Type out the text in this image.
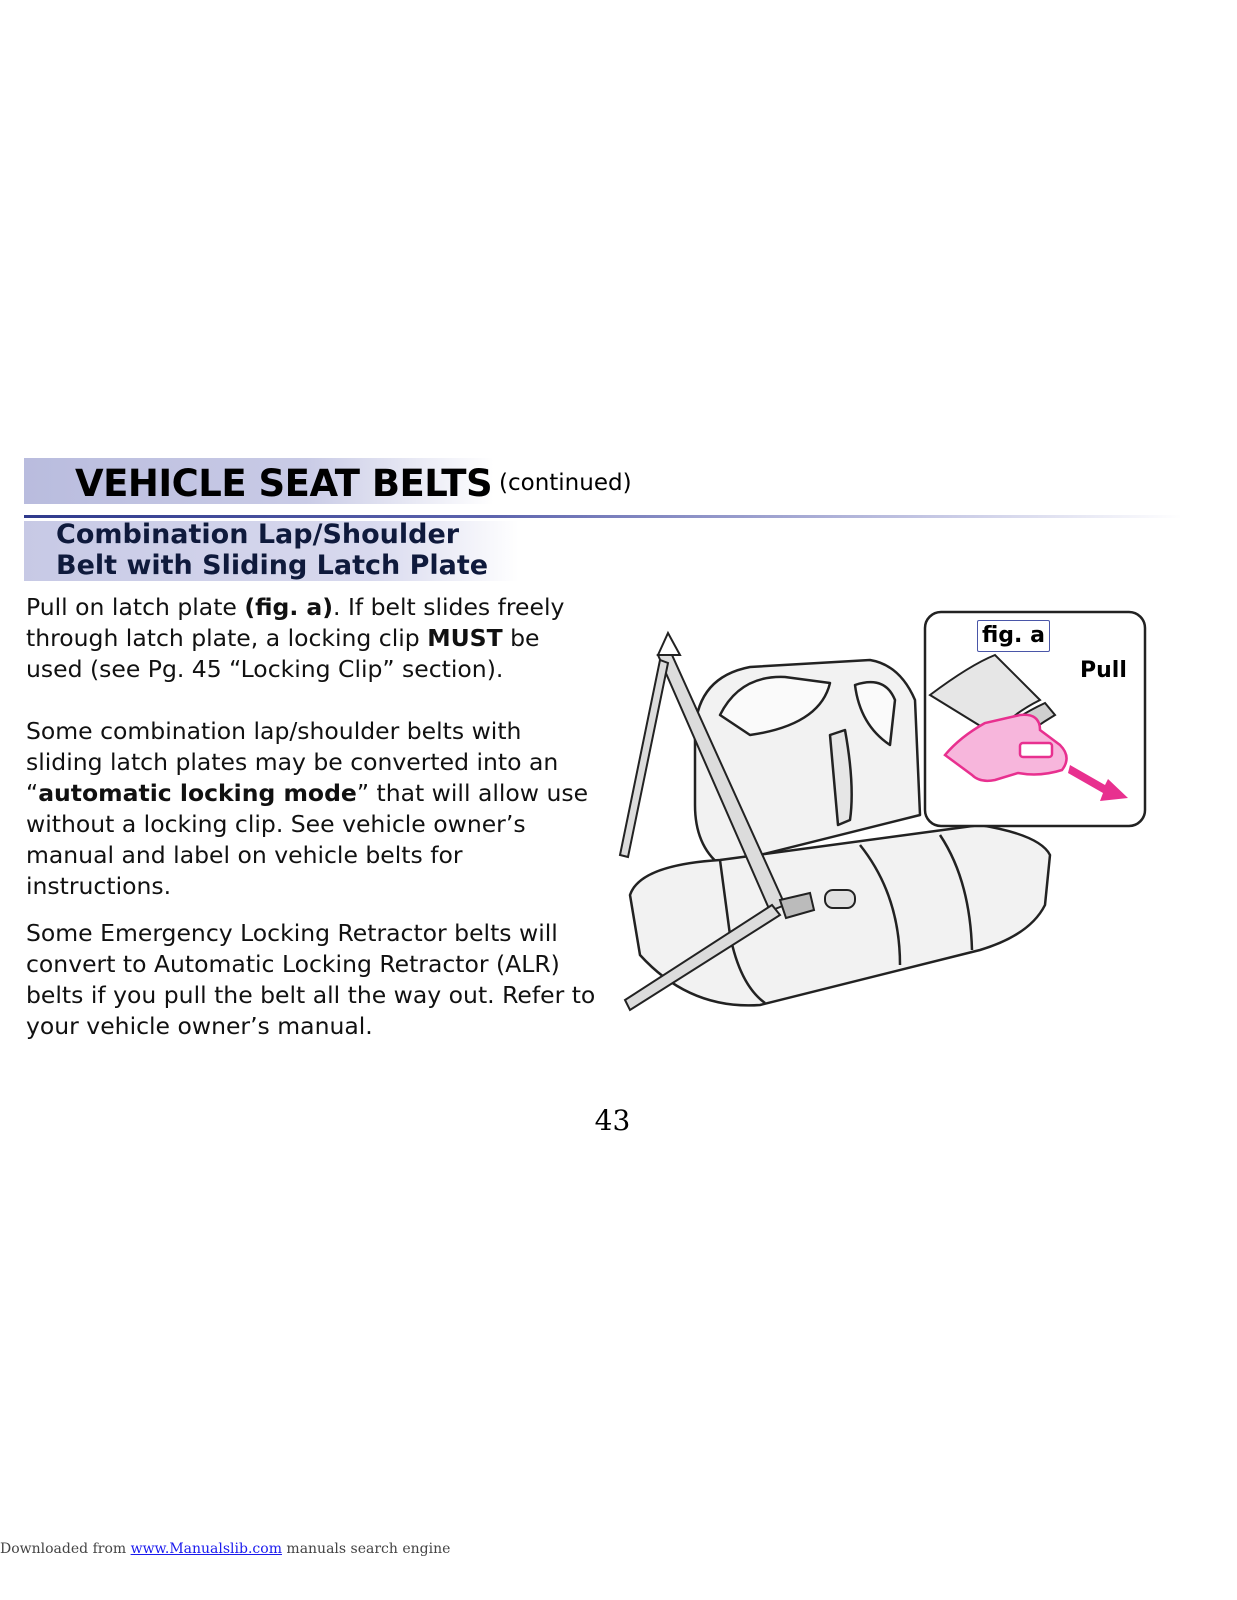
VEHICLE SEAT BELTS (continued)
Combination Lap/Shoulder
Belt with Sliding Latch Plate
Pull on latch plate (fig. a). If belt slides freely through latch plate, a locking clip MUST be used (see Pg. 45 “Locking Clip” section).
Some combination lap/shoulder belts with sliding latch plates may be converted into an “automatic locking mode” that will allow use without a locking clip. See vehicle owner’s manual and label on vehicle belts for instructions.
Some Emergency Locking Retractor belts will convert to Automatic Locking Retractor (ALR) belts if you pull the belt all the way out. Refer to your vehicle owner’s manual.
fig. a
Pull
43
Downloaded from www.Manualslib.com manuals search engine
